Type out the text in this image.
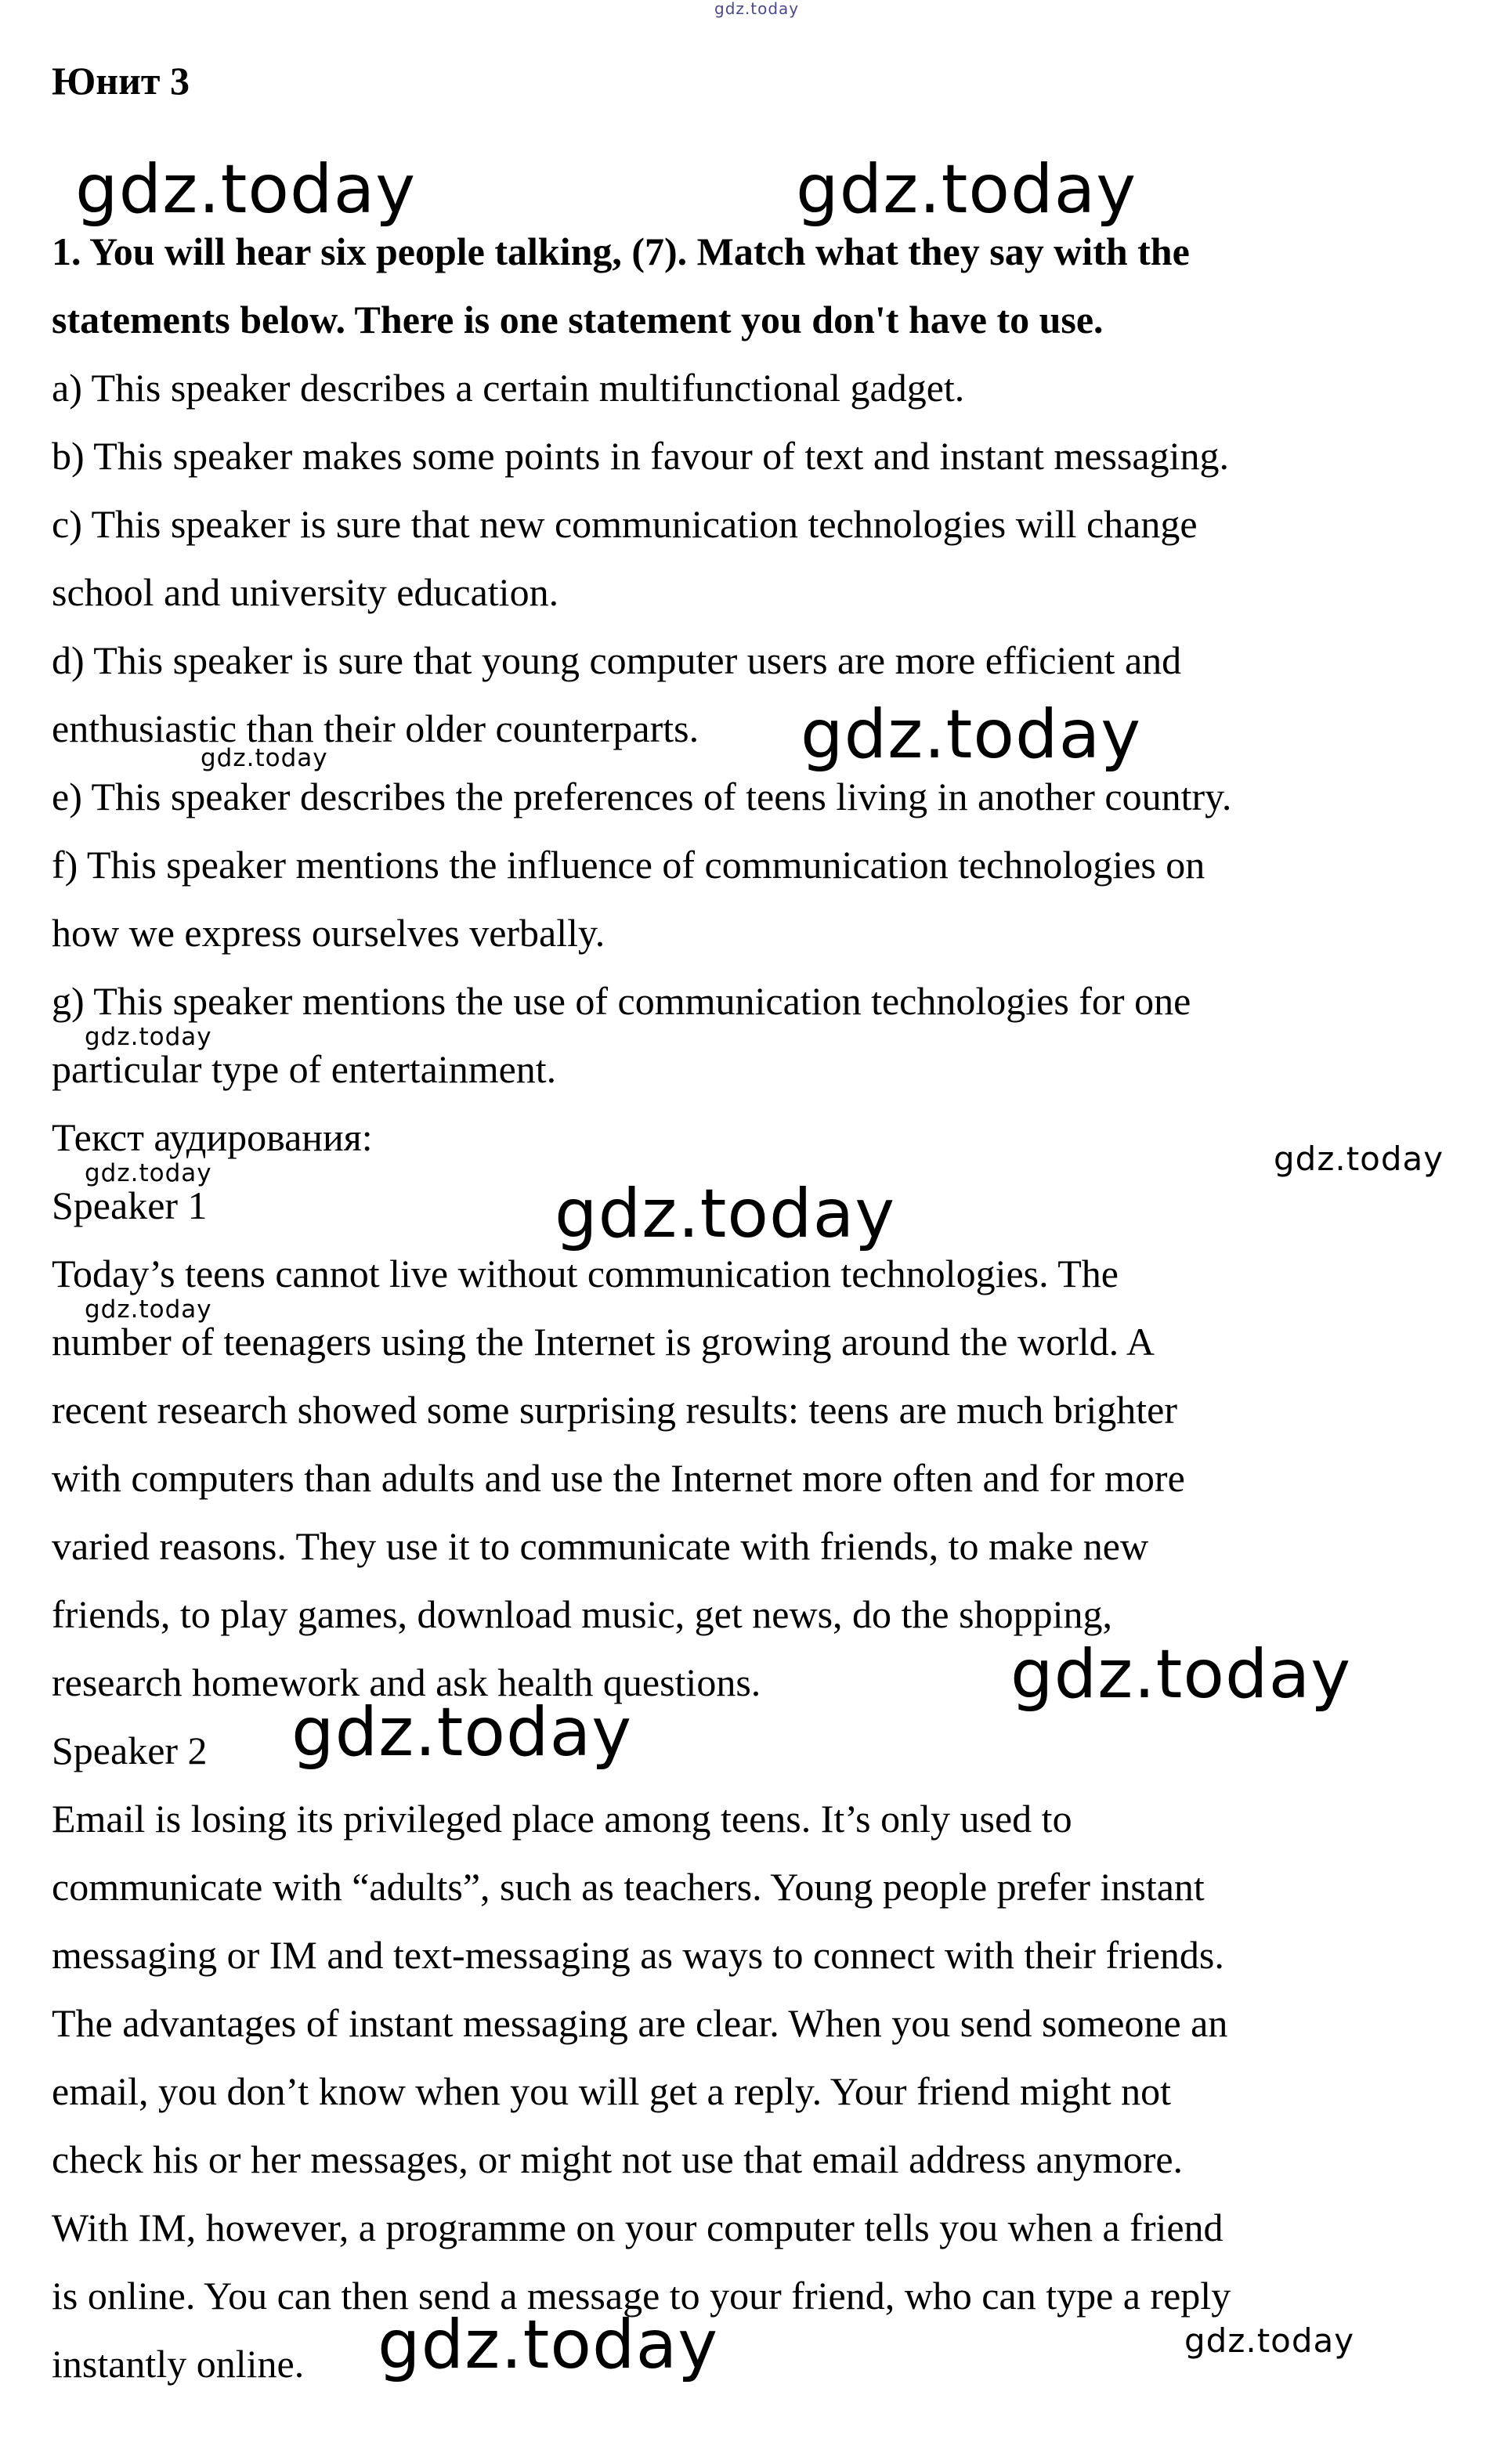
Юнит 3

1. You will hear six people talking, (7). Match what they say with the

statements below. There is one statement you don't have to use.

a) This speaker describes a certain multifunctional gadget.

b) This speaker makes some points in favour of text and instant messaging.

c) This speaker is sure that new communication technologies will change

school and university education.

d) This speaker is sure that young computer users are more efficient and

enthusiastic than their older counterparts.

e) This speaker describes the preferences of teens living in another country.

f) This speaker mentions the influence of communication technologies on

how we express ourselves verbally.

g) This speaker mentions the use of communication technologies for one

particular type of entertainment.

Текст аудирования:

Speaker 1

Today’s teens cannot live without communication technologies. The

number of teenagers using the Internet is growing around the world. A

recent research showed some surprising results: teens are much brighter

with computers than adults and use the Internet more often and for more

varied reasons. They use it to communicate with friends, to make new

friends, to play games, download music, get news, do the shopping,

research homework and ask health questions.

Speaker 2

Email is losing its privileged place among teens. It’s only used to

communicate with “adults”, such as teachers. Young people prefer instant

messaging or IM and text-messaging as ways to connect with their friends.

The advantages of instant messaging are clear. When you send someone an

email, you don’t know when you will get a reply. Your friend might not

check his or her messages, or might not use that email address anymore.

With IM, however, a programme on your computer tells you when a friend

is online. You can then send a message to your friend, who can type a reply

instantly online.

gdz.today

gdz.today	gdz.today

gdz.today

gdz.today

gdz.today

gdz.today

gdz.today

gdz.today

gdz.today

gdz.today

gdz.today

gdz.today	gdz.today
